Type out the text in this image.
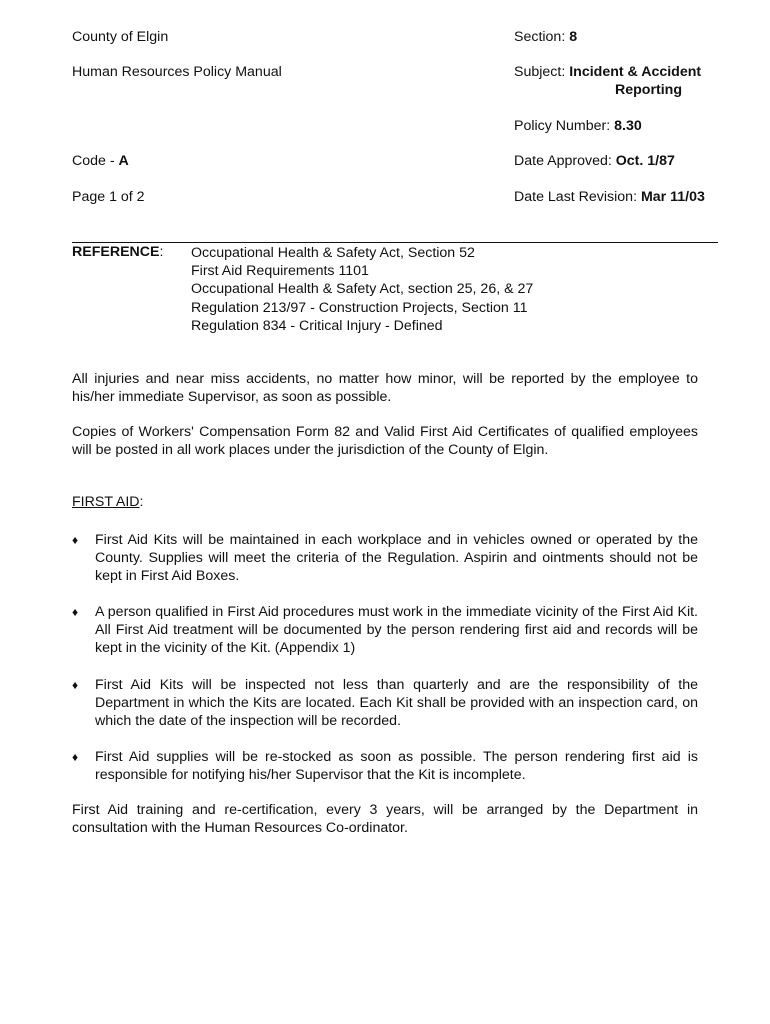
County of Elgin
Human Resources Policy Manual
Code - A
Page 1 of 2
Section: 8
Subject: Incident & Accident
Reporting
Policy Number: 8.30
Date Approved: Oct. 1/87
Date Last Revision: Mar 11/03
REFERENCE: Occupational Health & Safety Act, Section 52
First Aid Requirements 1101
Occupational Health & Safety Act, section 25, 26, & 27
Regulation 213/97 - Construction Projects, Section 11
Regulation 834 - Critical Injury - Defined
All injuries and near miss accidents, no matter how minor, will be reported by the employee to his/her immediate Supervisor, as soon as possible.
Copies of Workers' Compensation Form 82 and Valid First Aid Certificates of qualified employees will be posted in all work places under the jurisdiction of the County of Elgin.
FIRST AID:
♦	First Aid Kits will be maintained in each workplace and in vehicles owned or operated by the County. Supplies will meet the criteria of the Regulation. Aspirin and ointments should not be kept in First Aid Boxes.
♦	A person qualified in First Aid procedures must work in the immediate vicinity of the First Aid Kit. All First Aid treatment will be documented by the person rendering first aid and records will be kept in the vicinity of the Kit. (Appendix 1)
♦	First Aid Kits will be inspected not less than quarterly and are the responsibility of the Department in which the Kits are located. Each Kit shall be provided with an inspection card, on which the date of the inspection will be recorded.
♦	First Aid supplies will be re-stocked as soon as possible. The person rendering first aid is responsible for notifying his/her Supervisor that the Kit is incomplete.
First Aid training and re-certification, every 3 years, will be arranged by the Department in consultation with the Human Resources Co-ordinator.
